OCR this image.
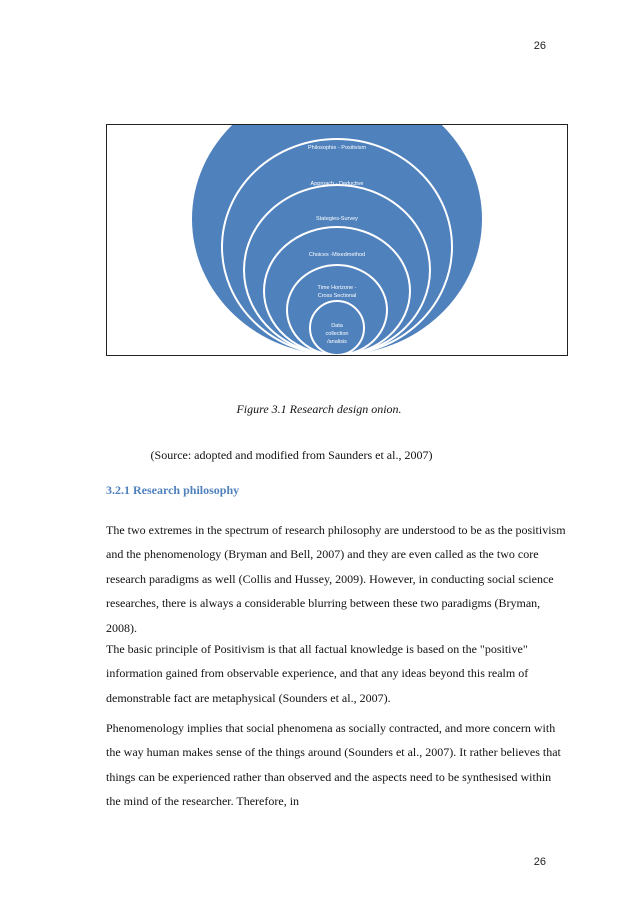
26
Philosophie - Positivism
Approach - Deductive
Stategies-Survey
Choices -Mixedmethod
Time Horizone -Cross Sectional
Data collection /analisis
Figure 3.1 Research design onion.
(Source: adopted and modified from Saunders et al., 2007)
3.2.1 Research philosophy

The two extremes in the spectrum of research philosophy are understood to be as the positivism and the phenomenology (Bryman and Bell, 2007) and they are even called as the two core research paradigms as well (Collis and Hussey, 2009). However, in conducting social science researches, there is always a considerable blurring between these two paradigms (Bryman, 2008).

The basic principle of Positivism is that all factual knowledge is based on the "positive" information gained from observable experience, and that any ideas beyond this realm of demonstrable fact are metaphysical (Sounders et al., 2007).

Phenomenology implies that social phenomena as socially contracted, and more concern with the way human makes sense of the things around (Sounders et al., 2007). It rather believes that things can be experienced rather than observed and the aspects need to be synthesised within the mind of the researcher. Therefore, in

26
